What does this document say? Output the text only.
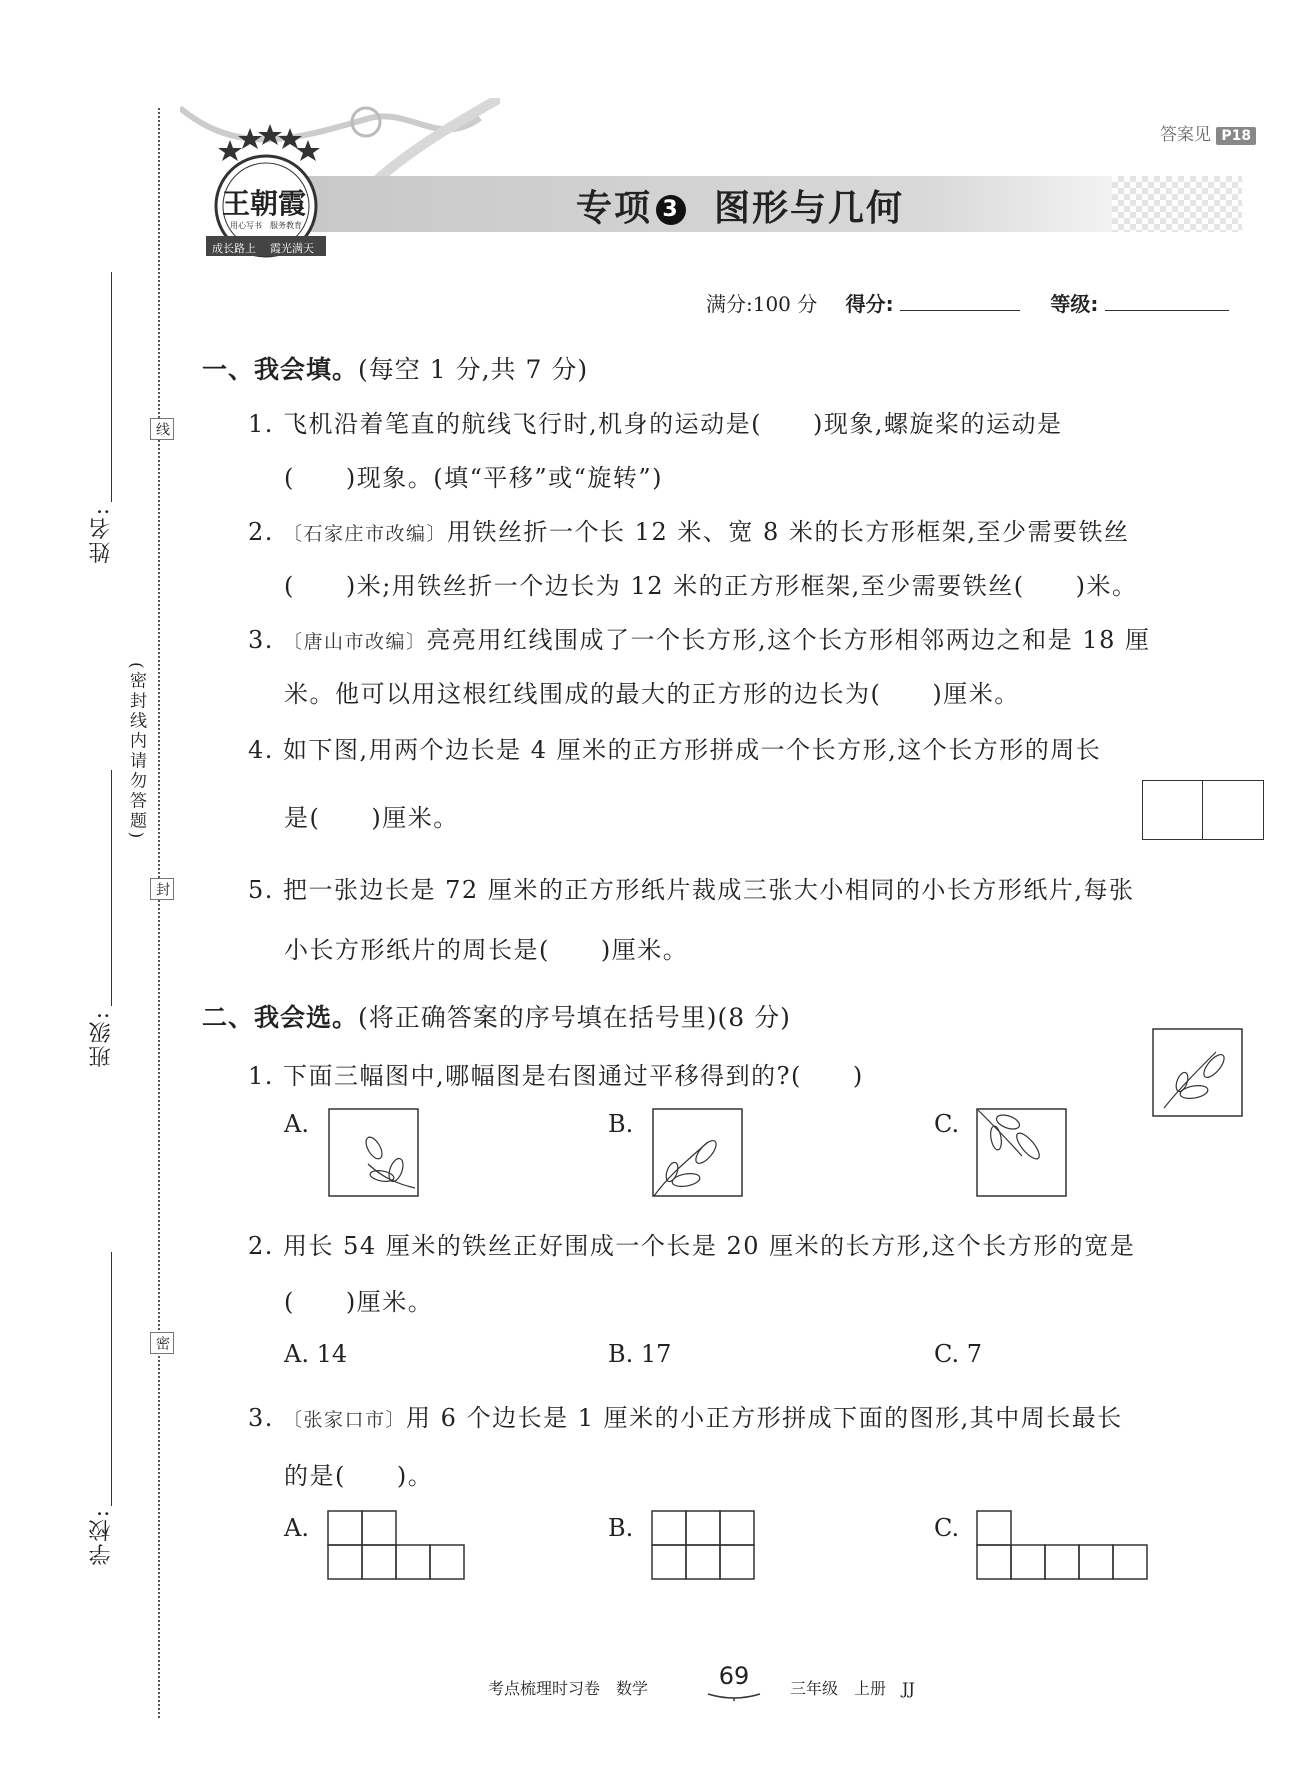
线
封
密
姓名:
(密封线内请勿答题)
班级:
学校:
答案见 P18
王朝霞
用心写书 服务教育
成长路上 霞光满天
专项 3 图形与几何
满分:100 分 得分:	等级:
一、我会填。(每空 1 分,共 7 分)
1. 飞机沿着笔直的航线飞行时,机身的运动是(　　)现象,螺旋桨的运动是
(　　)现象。(填“平移”或“旋转”)
2. 〔石家庄市改编〕用铁丝折一个长 12 米、宽 8 米的长方形框架,至少需要铁丝
(　　)米;用铁丝折一个边长为 12 米的正方形框架,至少需要铁丝(　　)米。
3. 〔唐山市改编〕亮亮用红线围成了一个长方形,这个长方形相邻两边之和是 18 厘
米。他可以用这根红线围成的最大的正方形的边长为(　　)厘米。
4. 如下图,用两个边长是 4 厘米的正方形拼成一个长方形,这个长方形的周长
是(　　)厘米。
5. 把一张边长是 72 厘米的正方形纸片裁成三张大小相同的小长方形纸片,每张
小长方形纸片的周长是(　　)厘米。
二、我会选。(将正确答案的序号填在括号里)(8 分)
1. 下面三幅图中,哪幅图是右图通过平移得到的?(　　)
A.	B.	C.
2. 用长 54 厘米的铁丝正好围成一个长是 20 厘米的长方形,这个长方形的宽是
(　　)厘米。
A. 14	B. 17	C. 7
3. 〔张家口市〕用 6 个边长是 1 厘米的小正方形拼成下面的图形,其中周长最长
的是(　　)。
A.	B.	C.
考点梳理时习卷　数学	69	三年级　上册　JJ
